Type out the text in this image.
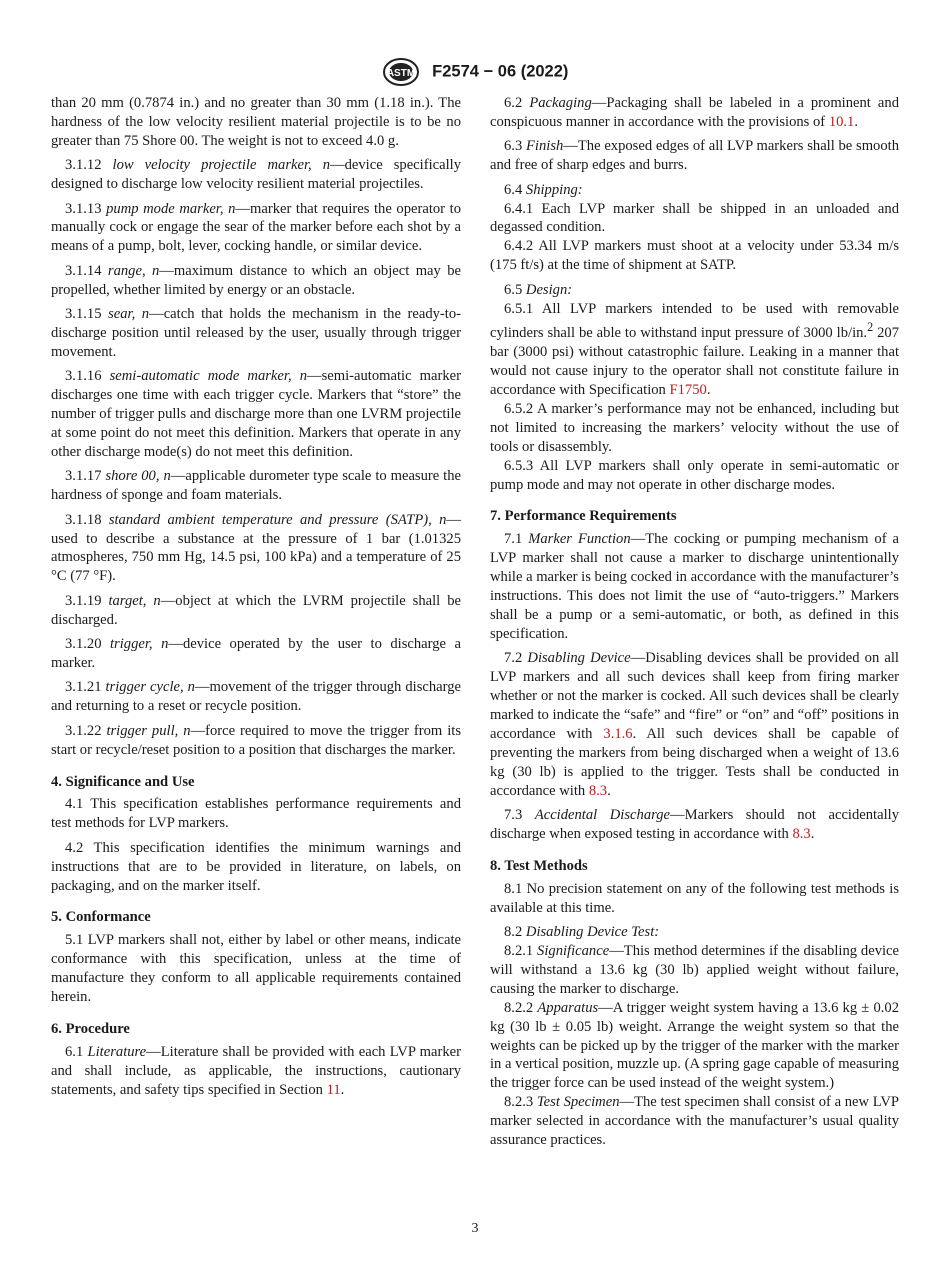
ASTM F2574 − 06 (2022)

than 20 mm (0.7874 in.) and no greater than 30 mm (1.18 in.). The hardness of the low velocity resilient material projectile is to be no greater than 75 Shore 00. The weight is not to exceed 4.0 g.

3.1.12 low velocity projectile marker, n—device specifically designed to discharge low velocity resilient material projectiles.

3.1.13 pump mode marker, n—marker that requires the operator to manually cock or engage the sear of the marker before each shot by a means of a pump, bolt, lever, cocking handle, or similar device.

3.1.14 range, n—maximum distance to which an object may be propelled, whether limited by energy or an obstacle.

3.1.15 sear, n—catch that holds the mechanism in the ready-to-discharge position until released by the user, usually through trigger movement.

3.1.16 semi-automatic mode marker, n—semi-automatic marker discharges one time with each trigger cycle. Markers that “store” the number of trigger pulls and discharge more than one LVRM projectile at some point do not meet this definition. Markers that operate in any other discharge mode(s) do not meet this definition.

3.1.17 shore 00, n—applicable durometer type scale to measure the hardness of sponge and foam materials.

3.1.18 standard ambient temperature and pressure (SATP), n—used to describe a substance at the pressure of 1 bar (1.01325 atmospheres, 750 mm Hg, 14.5 psi, 100 kPa) and a temperature of 25 °C (77 °F).

3.1.19 target, n—object at which the LVRM projectile shall be discharged.

3.1.20 trigger, n—device operated by the user to discharge a marker.

3.1.21 trigger cycle, n—movement of the trigger through discharge and returning to a reset or recycle position.

3.1.22 trigger pull, n—force required to move the trigger from its start or recycle/reset position to a position that discharges the marker.

4. Significance and Use

4.1 This specification establishes performance requirements and test methods for LVP markers.

4.2 This specification identifies the minimum warnings and instructions that are to be provided in literature, on labels, on packaging, and on the marker itself.

5. Conformance

5.1 LVP markers shall not, either by label or other means, indicate conformance with this specification, unless at the time of manufacture they conform to all applicable requirements contained herein.

6. Procedure

6.1 Literature—Literature shall be provided with each LVP marker and shall include, as applicable, the instructions, cautionary statements, and safety tips specified in Section 11.

6.2 Packaging—Packaging shall be labeled in a prominent and conspicuous manner in accordance with the provisions of 10.1.

6.3 Finish—The exposed edges of all LVP markers shall be smooth and free of sharp edges and burrs.

6.4 Shipping:

6.4.1 Each LVP marker shall be shipped in an unloaded and degassed condition.

6.4.2 All LVP markers must shoot at a velocity under 53.34 m/s (175 ft/s) at the time of shipment at SATP.

6.5 Design:

6.5.1 All LVP markers intended to be used with removable cylinders shall be able to withstand input pressure of 3000 lb/in.$^2$ 207 bar (3000 psi) without catastrophic failure. Leaking in a manner that would not cause injury to the operator shall not constitute failure in accordance with Specification F1750.

6.5.2 A marker’s performance may not be enhanced, including but not limited to increasing the markers’ velocity without the use of tools or disassembly.

6.5.3 All LVP markers shall only operate in semi-automatic or pump mode and may not operate in other discharge modes.

7. Performance Requirements

7.1 Marker Function—The cocking or pumping mechanism of a LVP marker shall not cause a marker to discharge unintentionally while a marker is being cocked in accordance with the manufacturer’s instructions. This does not limit the use of “auto-triggers.” Markers shall be a pump or a semi-automatic, or both, as defined in this specification.

7.2 Disabling Device—Disabling devices shall be provided on all LVP markers and all such devices shall keep from firing marker whether or not the marker is cocked. All such devices shall be clearly marked to indicate the “safe” and “fire” or “on” and “off” positions in accordance with 3.1.6. All such devices shall be capable of preventing the markers from being discharged when a weight of 13.6 kg (30 lb) is applied to the trigger. Tests shall be conducted in accordance with 8.3.

7.3 Accidental Discharge—Markers should not accidentally discharge when exposed testing in accordance with 8.3.

8. Test Methods

8.1 No precision statement on any of the following test methods is available at this time.

8.2 Disabling Device Test:

8.2.1 Significance—This method determines if the disabling device will withstand a 13.6 kg (30 lb) applied weight without failure, causing the marker to discharge.

8.2.2 Apparatus—A trigger weight system having a 13.6 kg ± 0.02 kg (30 lb ± 0.05 lb) weight. Arrange the weight system so that the weights can be picked up by the trigger of the marker with the marker in a vertical position, muzzle up. (A spring gage capable of measuring the trigger force can be used instead of the weight system.)

8.2.3 Test Specimen—The test specimen shall consist of a new LVP marker selected in accordance with the manufacturer’s usual quality assurance practices.

3
